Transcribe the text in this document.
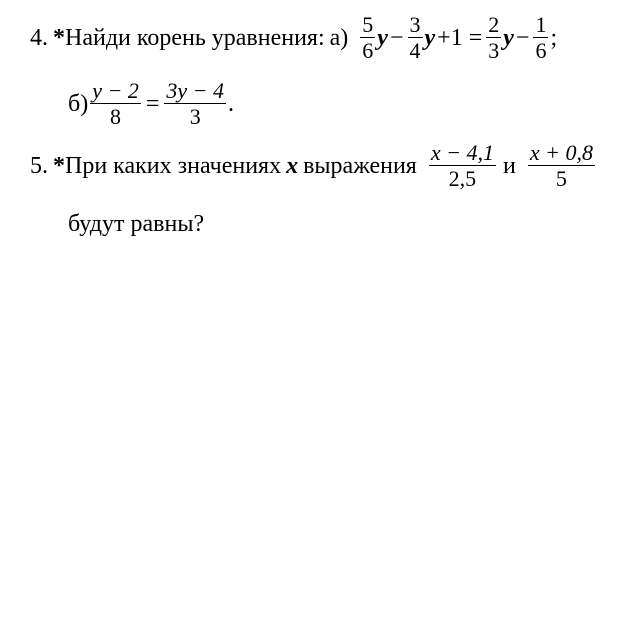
4. * Найди корень уравнения: $а) \frac{5}{6}$ $y - \frac{3}{4}$ $y +1 = \frac{2}{3}$ $y - \frac{1}{6}$ ;
$б) \frac{y - 2}{8} = \frac{3y - 4}{3}$ .
5. * При каких значениях x выражения $\frac{x - 4,1}{2,5}$ и $\frac{x + 0,8}{5}$
будут равны?
